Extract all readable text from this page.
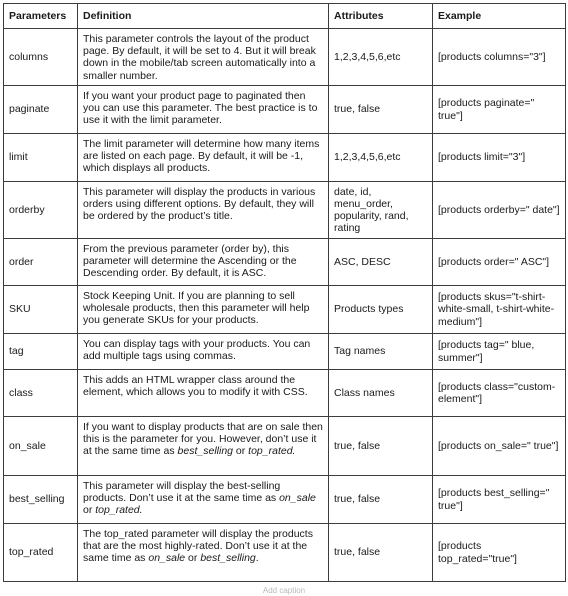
Parameters	Definition	Attributes	Example
columns	This parameter controls the layout of the product page. By default, it will be set to 4. But it will break down in the mobile/tab screen automatically into a smaller number.	1,2,3,4,5,6,etc	[products columns="3"]
paginate	If you want your product page to paginated then you can use this parameter. The best practice is to use it with the limit parameter.	true, false	[products paginate=" true"]
limit	The limit parameter will determine how many items are listed on each page. By default, it will be -1, which displays all products.	1,2,3,4,5,6,etc	[products limit="3"]
orderby	This parameter will display the products in various orders using different options. By default, they will be ordered by the product’s title.	date, id, menu_order, popularity, rand, rating	[products orderby=" date"]
order	From the previous parameter (order by), this parameter will determine the Ascending or the Descending order. By default, it is ASC.	ASC, DESC	[products order=" ASC"]
SKU	Stock Keeping Unit. If you are planning to sell wholesale products, then this parameter will help you generate SKUs for your products.	Products types	[products skus="t-shirt-white-small, t-shirt-white-medium"]
tag	You can display tags with your products. You can add multiple tags using commas.	Tag names	[products tag=" blue, summer"]
class	This adds an HTML wrapper class around the element, which allows you to modify it with CSS.	Class names	[products class="custom-element"]
on_sale	If you want to display products that are on sale then this is the parameter for you. However, don’t use it at the same time as best_selling or top_rated.	true, false	[products on_sale=" true"]
best_selling	This parameter will display the best-selling products. Don’t use it at the same time as on_sale or top_rated.	true, false	[products best_selling=" true"]
top_rated	The top_rated parameter will display the products that are the most highly-rated. Don’t use it at the same time as on_sale or best_selling.	true, false	[products top_rated="true"]
Add caption
